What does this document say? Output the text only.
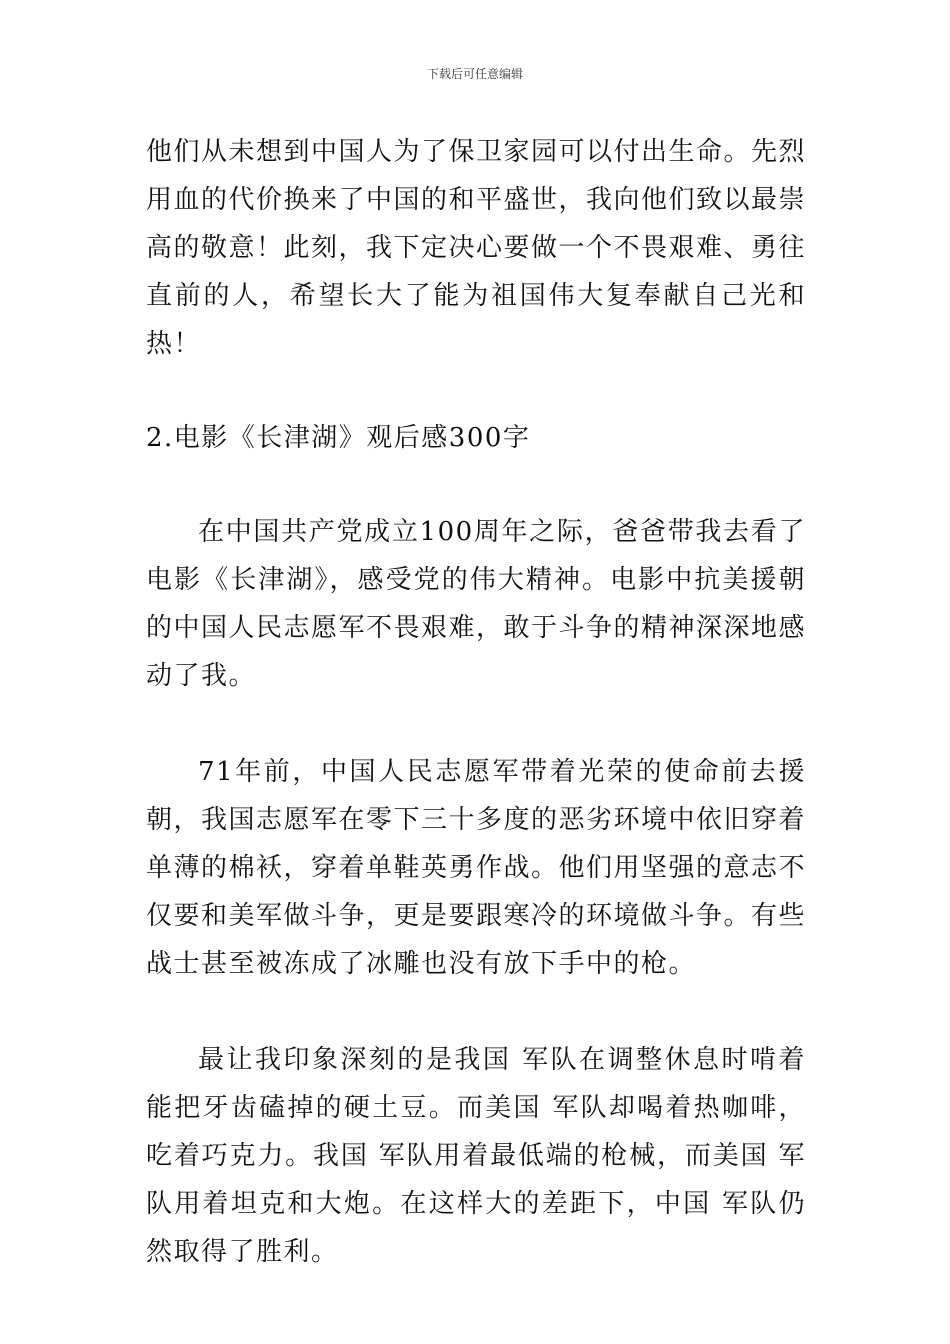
下载后可任意编辑

他们从未想到中国人为了保卫家园可以付出生命。先烈用血的代价换来了中国的和平盛世，我向他们致以最崇高的敬意！此刻，我下定决心要做一个不畏艰难、勇往直前的人，希望长大了能为祖国伟大复奉献自己光和热！

2.电影《长津湖》观后感300字

在中国共产党成立100周年之际，爸爸带我去看了电影《长津湖》，感受党的伟大精神。电影中抗美援朝的中国人民志愿军不畏艰难，敢于斗争的精神深深地感动了我。

71年前，中国人民志愿军带着光荣的使命前去援朝，我国志愿军在零下三十多度的恶劣环境中依旧穿着单薄的棉袄，穿着单鞋英勇作战。他们用坚强的意志不仅要和美军做斗争，更是要跟寒冷的环境做斗争。有些战士甚至被冻成了冰雕也没有放下手中的枪。

最让我印象深刻的是我国 军队在调整休息时啃着能把牙齿磕掉的硬土豆。而美国 军队却喝着热咖啡，吃着巧克力。我国 军队用着最低端的枪械，而美国 军队用着坦克和大炮。在这样大的差距下，中国 军队仍然取得了胜利。
